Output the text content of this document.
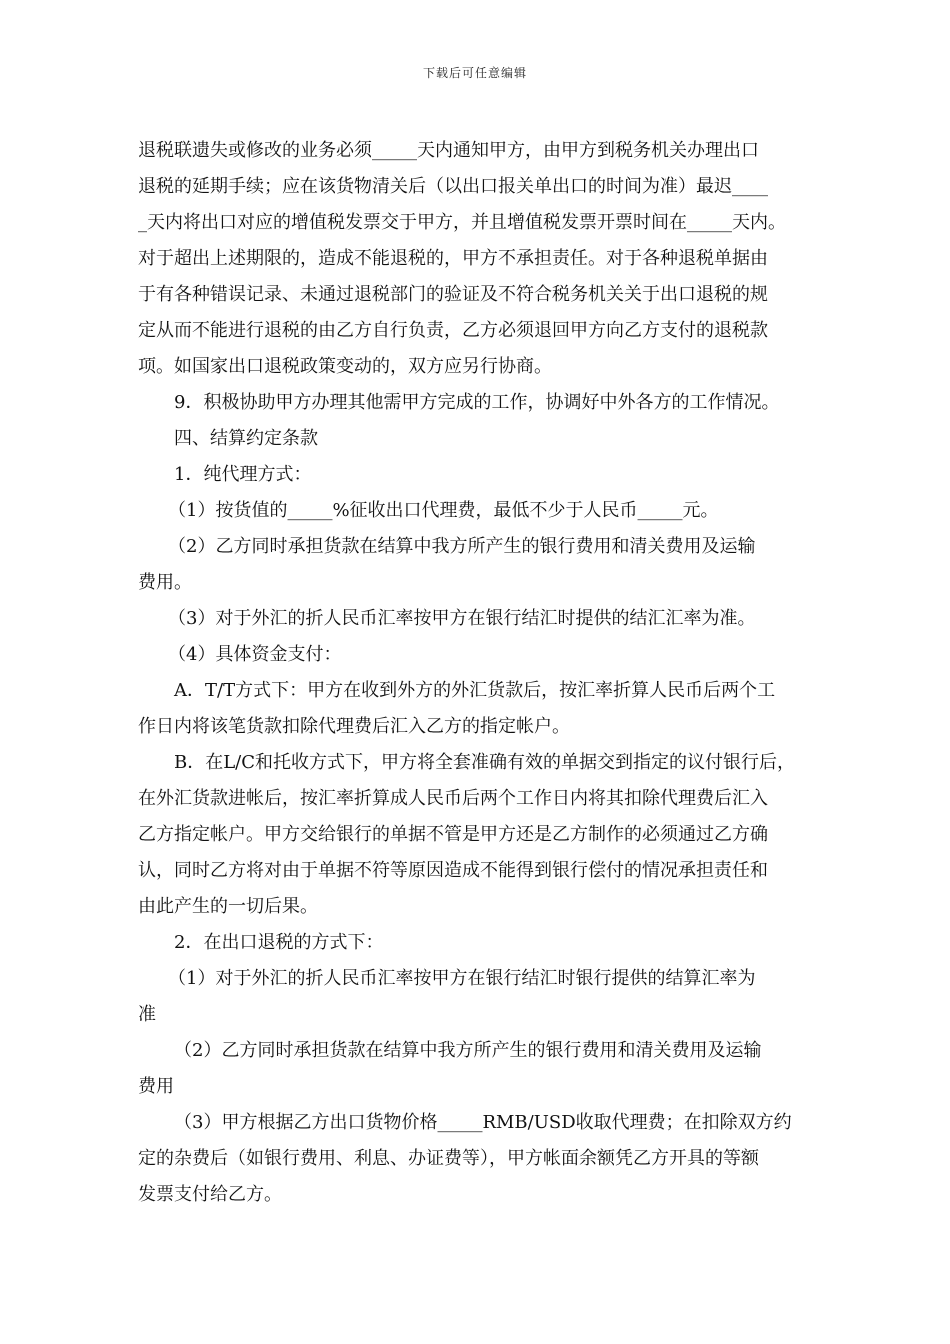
下载后可任意编辑
退税联遗失或修改的业务必须_____天内通知甲方，由甲方到税务机关办理出口
退税的延期手续；应在该货物清关后（以出口报关单出口的时间为准）最迟____
_天内将出口对应的增值税发票交于甲方，并且增值税发票开票时间在_____天内。
对于超出上述期限的，造成不能退税的，甲方不承担责任。对于各种退税单据由
于有各种错误记录、未通过退税部门的验证及不符合税务机关关于出口退税的规
定从而不能进行退税的由乙方自行负责，乙方必须退回甲方向乙方支付的退税款
项。如国家出口退税政策变动的，双方应另行协商。
9．积极协助甲方办理其他需甲方完成的工作，协调好中外各方的工作情况。
四、结算约定条款
1．纯代理方式：
（1）按货值的_____%征收出口代理费，最低不少于人民币_____元。
（2）乙方同时承担货款在结算中我方所产生的银行费用和清关费用及运输
费用。
（3）对于外汇的折人民币汇率按甲方在银行结汇时提供的结汇汇率为准。
（4）具体资金支付：
A．T/T方式下：甲方在收到外方的外汇货款后，按汇率折算人民币后两个工
作日内将该笔货款扣除代理费后汇入乙方的指定帐户。
B．在L/C和托收方式下，甲方将全套准确有效的单据交到指定的议付银行后，
在外汇货款进帐后，按汇率折算成人民币后两个工作日内将其扣除代理费后汇入
乙方指定帐户。甲方交给银行的单据不管是甲方还是乙方制作的必须通过乙方确
认，同时乙方将对由于单据不符等原因造成不能得到银行偿付的情况承担责任和
由此产生的一切后果。
2．在出口退税的方式下：
（1）对于外汇的折人民币汇率按甲方在银行结汇时银行提供的结算汇率为
准
（2）乙方同时承担货款在结算中我方所产生的银行费用和清关费用及运输
费用
（3）甲方根据乙方出口货物价格_____RMB/USD收取代理费；在扣除双方约
定的杂费后（如银行费用、利息、办证费等），甲方帐面余额凭乙方开具的等额
发票支付给乙方。
